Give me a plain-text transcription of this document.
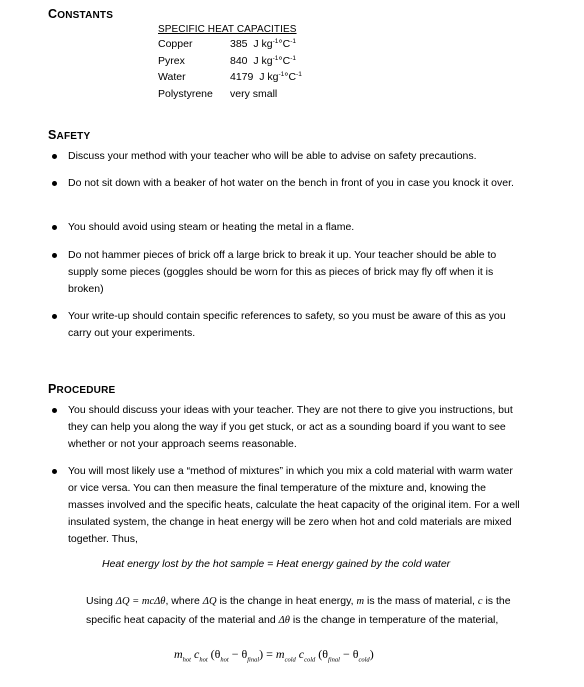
CONSTANTS
SPECIFIC HEAT CAPACITIES
Copper	385 J $kg^{-1}^\circ C^{-1}$
Pyrex	840 J $kg^{-1}^\circ C^{-1}$
Water	4179 J $kg^{-1}^\circ C^{-1}$
Polystyrene	very small
SAFETY
Discuss your method with your teacher who will be able to advise on safety precautions.
Do not sit down with a beaker of hot water on the bench in front of you in case you knock it over.
You should avoid using steam or heating the metal in a flame.
Do not hammer pieces of brick off a large brick to break it up. Your teacher should be able to supply some pieces (goggles should be worn for this as pieces of brick may fly off when it is broken)
Your write-up should contain specific references to safety, so you must be aware of this as you carry out your experiments.
PROCEDURE
You should discuss your ideas with your teacher. They are not there to give you instructions, but they can help you along the way if you get stuck, or act as a sounding board if you want to see whether or not your approach seems reasonable.
You will most likely use a “method of mixtures” in which you mix a cold material with warm water or vice versa. You can then measure the final temperature of the mixture and, knowing the masses involved and the specific heats, calculate the heat capacity of the original item. For a well insulated system, the change in heat energy will be zero when hot and cold materials are mixed together. Thus,
Heat energy lost by the hot sample = Heat energy gained by the cold water
Using ΔQ = mcΔθ, where ΔQ is the change in heat energy, m is the mass of material, c is the specific heat capacity of the material and Δθ is the change in temperature of the material,
$m_{hot}$ $c_{hot}$ $(\theta_{hot} - \theta_{final}) = m_{cold}$ $c_{cold}$ $(\theta_{final} - \theta_{cold})$
